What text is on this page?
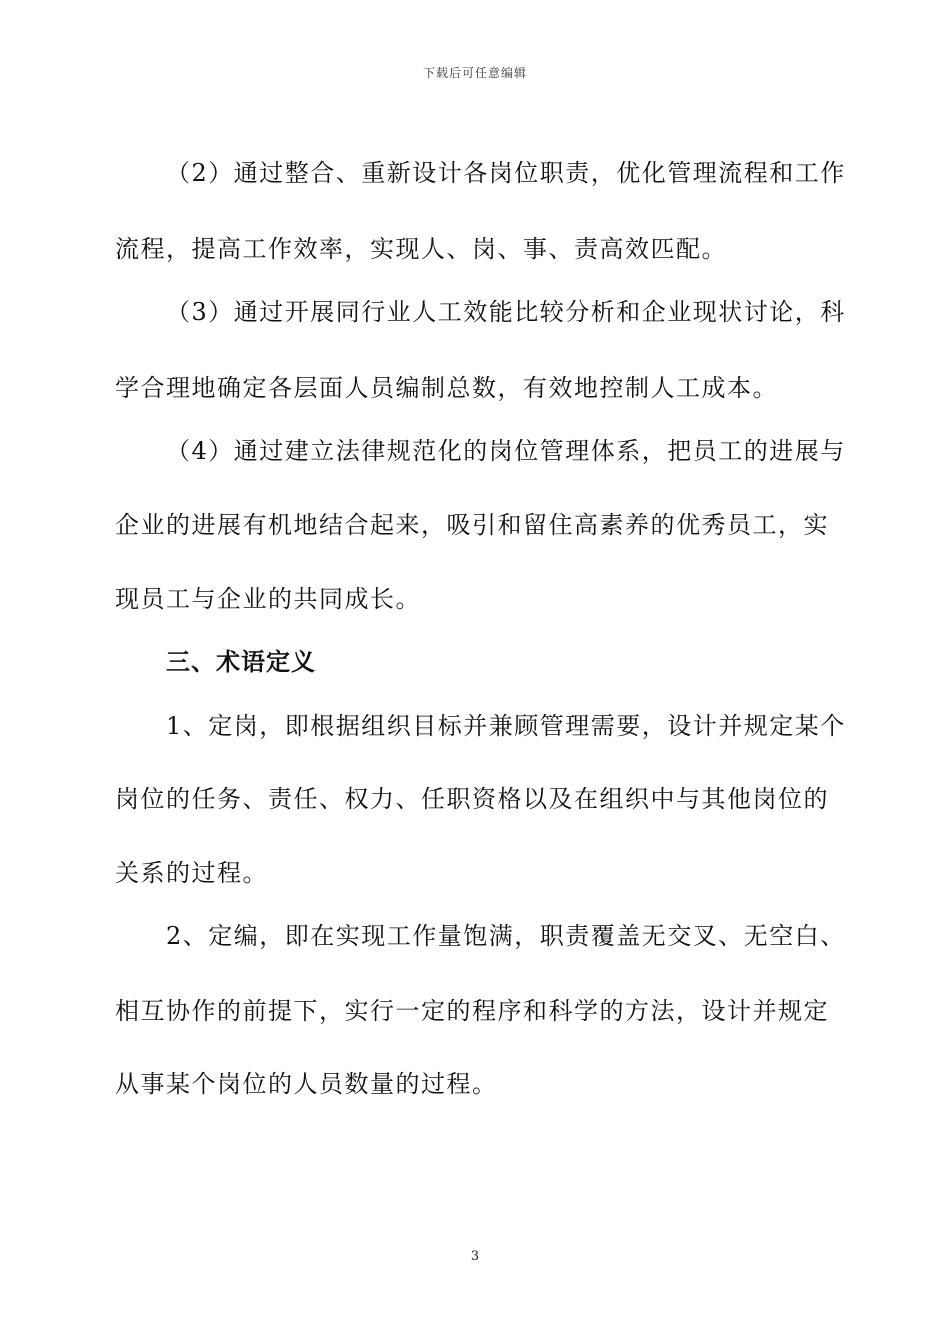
下载后可任意编辑
（2）通过整合、重新设计各岗位职责，优化管理流程和工作
流程，提高工作效率，实现人、岗、事、责高效匹配。
（3）通过开展同行业人工效能比较分析和企业现状讨论，科
学合理地确定各层面人员编制总数，有效地控制人工成本。
（4）通过建立法律规范化的岗位管理体系，把员工的进展与
企业的进展有机地结合起来，吸引和留住高素养的优秀员工，实
现员工与企业的共同成长。
三、术语定义
1、定岗，即根据组织目标并兼顾管理需要，设计并规定某个
岗位的任务、责任、权力、任职资格以及在组织中与其他岗位的
关系的过程。
2、定编，即在实现工作量饱满，职责覆盖无交叉、无空白、
相互协作的前提下，实行一定的程序和科学的方法，设计并规定
从事某个岗位的人员数量的过程。
3
